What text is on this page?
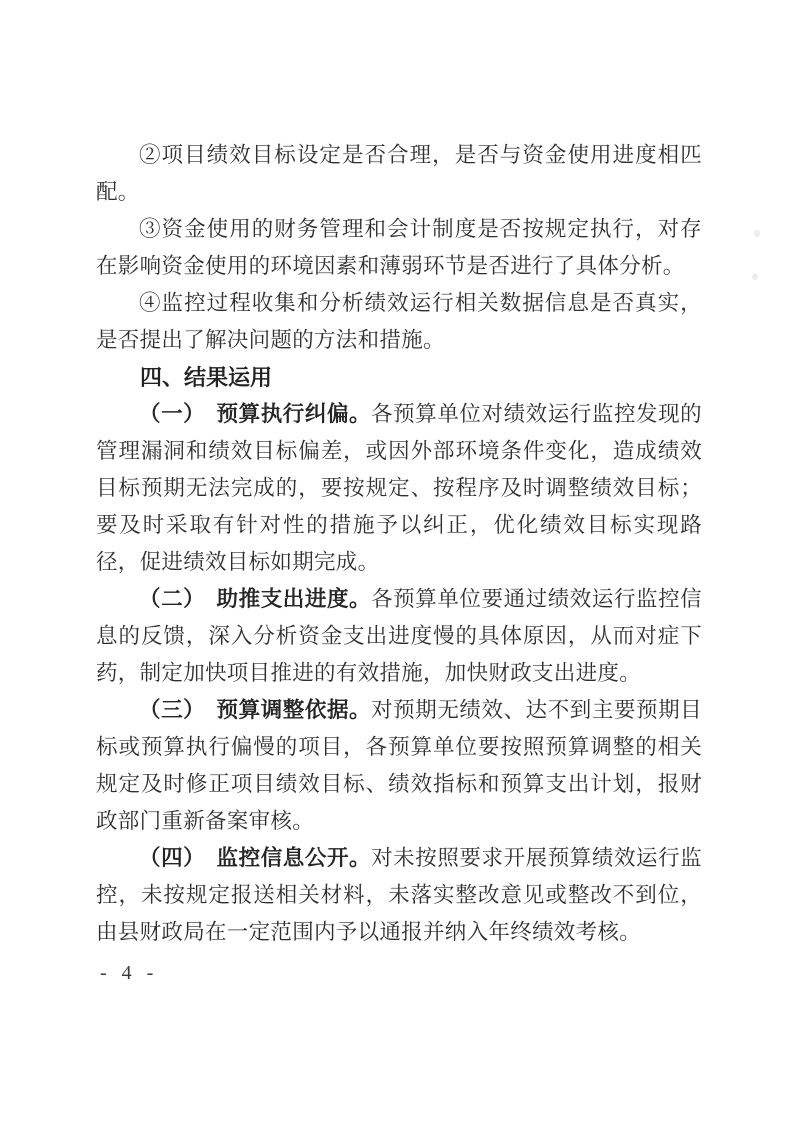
②项目绩效目标设定是否合理，是否与资金使用进度相匹配。

③资金使用的财务管理和会计制度是否按规定执行，对存在影响资金使用的环境因素和薄弱环节是否进行了具体分析。

④监控过程收集和分析绩效运行相关数据信息是否真实，是否提出了解决问题的方法和措施。

四、结果运用

（一）　预算执行纠偏。各预算单位对绩效运行监控发现的管理漏洞和绩效目标偏差，或因外部环境条件变化，造成绩效目标预期无法完成的，要按规定、按程序及时调整绩效目标；要及时采取有针对性的措施予以纠正，优化绩效目标实现路径，促进绩效目标如期完成。

（二）　助推支出进度。各预算单位要通过绩效运行监控信息的反馈，深入分析资金支出进度慢的具体原因，从而对症下药，制定加快项目推进的有效措施，加快财政支出进度。

（三）　预算调整依据。对预期无绩效、达不到主要预期目标或预算执行偏慢的项目，各预算单位要按照预算调整的相关规定及时修正项目绩效目标、绩效指标和预算支出计划，报财政部门重新备案审核。

（四）　监控信息公开。对未按照要求开展预算绩效运行监控，未按规定报送相关材料，未落实整改意见或整改不到位，由县财政局在一定范围内予以通报并纳入年终绩效考核。

- 4 -
